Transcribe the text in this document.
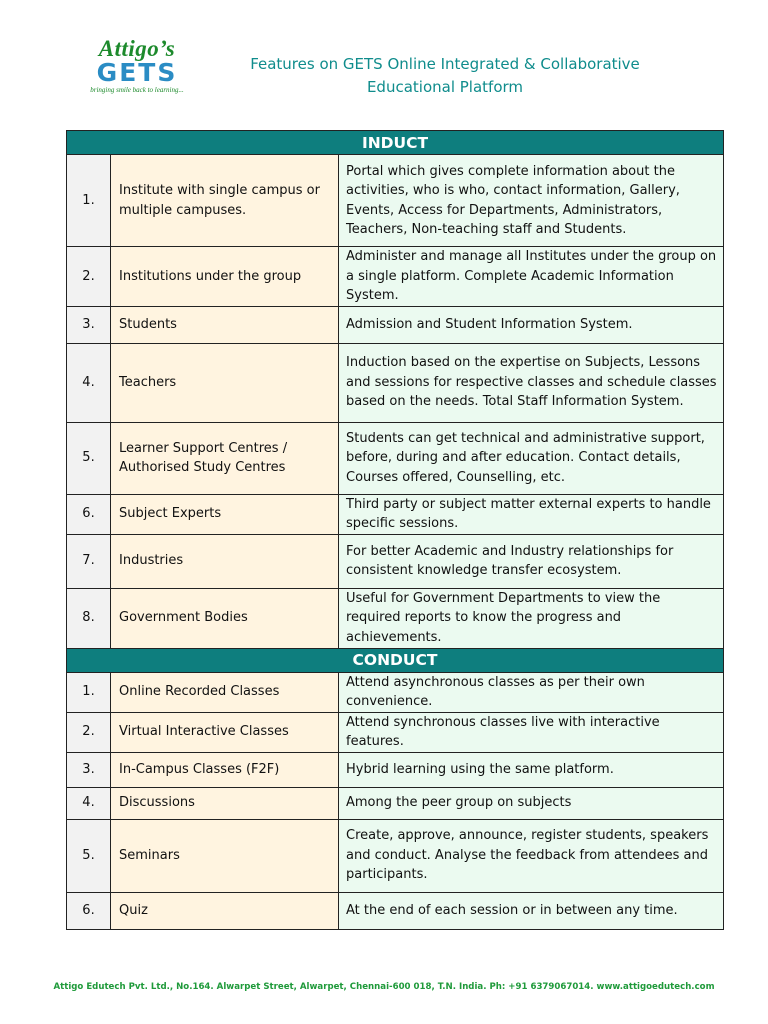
Attigo’s
GETS
bringing smile back to learning...
Features on GETS Online Integrated & Collaborative
Educational Platform
INDUCT		
1.	Institute with single campus or multiple campuses.	Portal which gives complete information about the activities, who is who, contact information, Gallery, Events, Access for Departments, Administrators, Teachers, Non-teaching staff and Students.
2.	Institutions under the group	Administer and manage all Institutes under the group on a single platform. Complete Academic Information System.
3.	Students	Admission and Student Information System.
4.	Teachers	Induction based on the expertise on Subjects, Lessons and sessions for respective classes and schedule classes based on the needs. Total Staff Information System.
5.	Learner Support Centres / Authorised Study Centres	Students can get technical and administrative support, before, during and after education. Contact details, Courses offered, Counselling, etc.
6.	Subject Experts	Third party or subject matter external experts to handle specific sessions.
7.	Industries	For better Academic and Industry relationships for consistent knowledge transfer ecosystem.
8.	Government Bodies	Useful for Government Departments to view the required reports to know the progress and achievements.
CONDUCT		
1.	Online Recorded Classes	Attend asynchronous classes as per their own convenience.
2.	Virtual Interactive Classes	Attend synchronous classes live with interactive features.
3.	In-Campus Classes (F2F)	Hybrid learning using the same platform.
4.	Discussions	Among the peer group on subjects
5.	Seminars	Create, approve, announce, register students, speakers and conduct. Analyse the feedback from attendees and participants.
6.	Quiz	At the end of each session or in between any time.
Attigo Edutech Pvt. Ltd., No.164. Alwarpet Street, Alwarpet, Chennai-600 018, T.N. India. Ph: +91 6379067014. www.attigoedutech.com
